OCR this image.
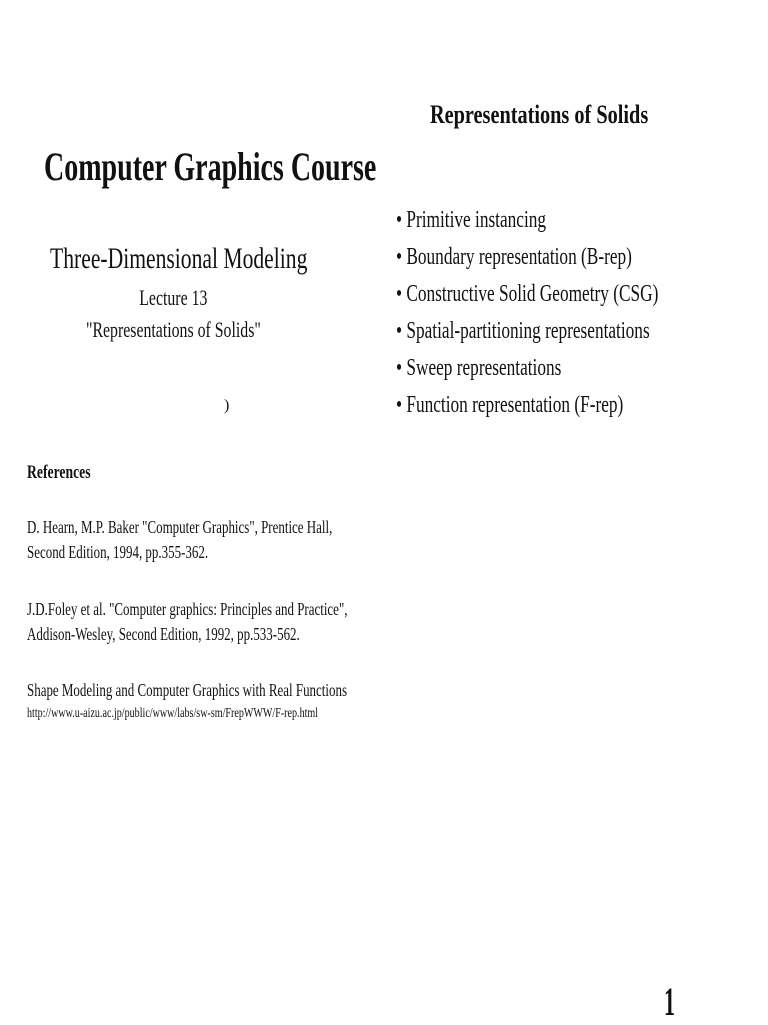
Representations of Solids
• Primitive instancing
• Boundary representation (B-rep)
• Constructive Solid Geometry (CSG)
• Spatial-partitioning representations
• Sweep representations
• Function representation (F-rep)
Computer Graphics Course
Three-Dimensional Modeling
Lecture 13
"Representations of Solids"
)
References
D. Hearn, M.P. Baker "Computer Graphics", Prentice Hall,
Second Edition, 1994, pp.355-362.
J.D.Foley et al. "Computer graphics: Principles and Practice",
Addison-Wesley, Second Edition, 1992, pp.533-562.
Shape Modeling and Computer Graphics with Real Functions
http://www.u-aizu.ac.jp/public/www/labs/sw-sm/FrepWWW/F-rep.html
1
